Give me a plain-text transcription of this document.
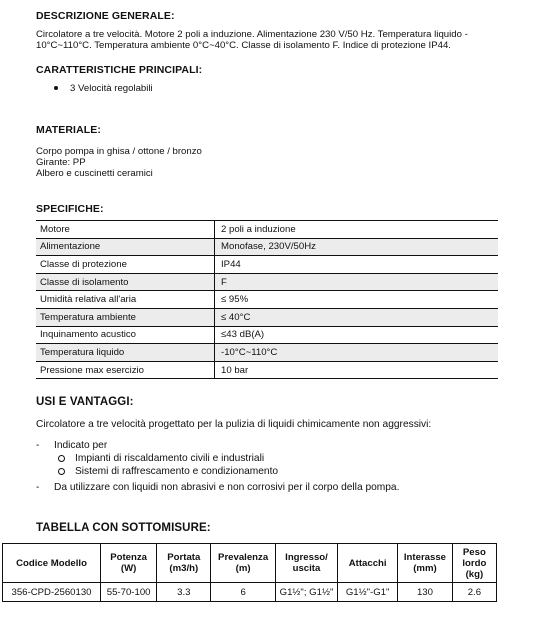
DESCRIZIONE GENERALE:

Circolatore a tre velocità. Motore 2 poli a induzione. Alimentazione 230 V/50 Hz. Temperatura liquido - 10°C~110°C. Temperatura ambiente 0°C~40°C. Classe di isolamento F. Indice di protezione IP44.

CARATTERISTICHE PRINCIPALI:
3 Velocità regolabili
MATERIALE:
Corpo pompa in ghisa / ottone / bronzo
Girante: PP
Albero e cuscinetti ceramici
SPECIFICHE:
Motore	2 poli a induzione
Alimentazione	Monofase, 230V/50Hz
Classe di protezione	IP44
Classe di isolamento	F
Umidità relativa all'aria	≤ 95%
Temperatura ambiente	≤ 40°C
Inquinamento acustico	≤43 dB(A)
Temperatura liquido	-10°C~110°C
Pressione max esercizio	10 bar
USI E VANTAGGI:
Circolatore a tre velocità progettato per la pulizia di liquidi chimicamente non aggressivi:
- Indicato per
Impianti di riscaldamento civili e industriali
Sistemi di raffrescamento e condizionamento
- Da utilizzare con liquidi non abrasivi e non corrosivi per il corpo della pompa.
TABELLA CON SOTTOMISURE:
Codice Modello	Potenza (W)	Portata (m3/h)	Prevalenza (m)	Ingresso/ uscita	Attacchi	Interasse (mm)	Peso lordo (kg)
356-CPD-2560130	55-70-100	3.3	6	G1½"; G1½"	G1½"-G1"	130	2.6
